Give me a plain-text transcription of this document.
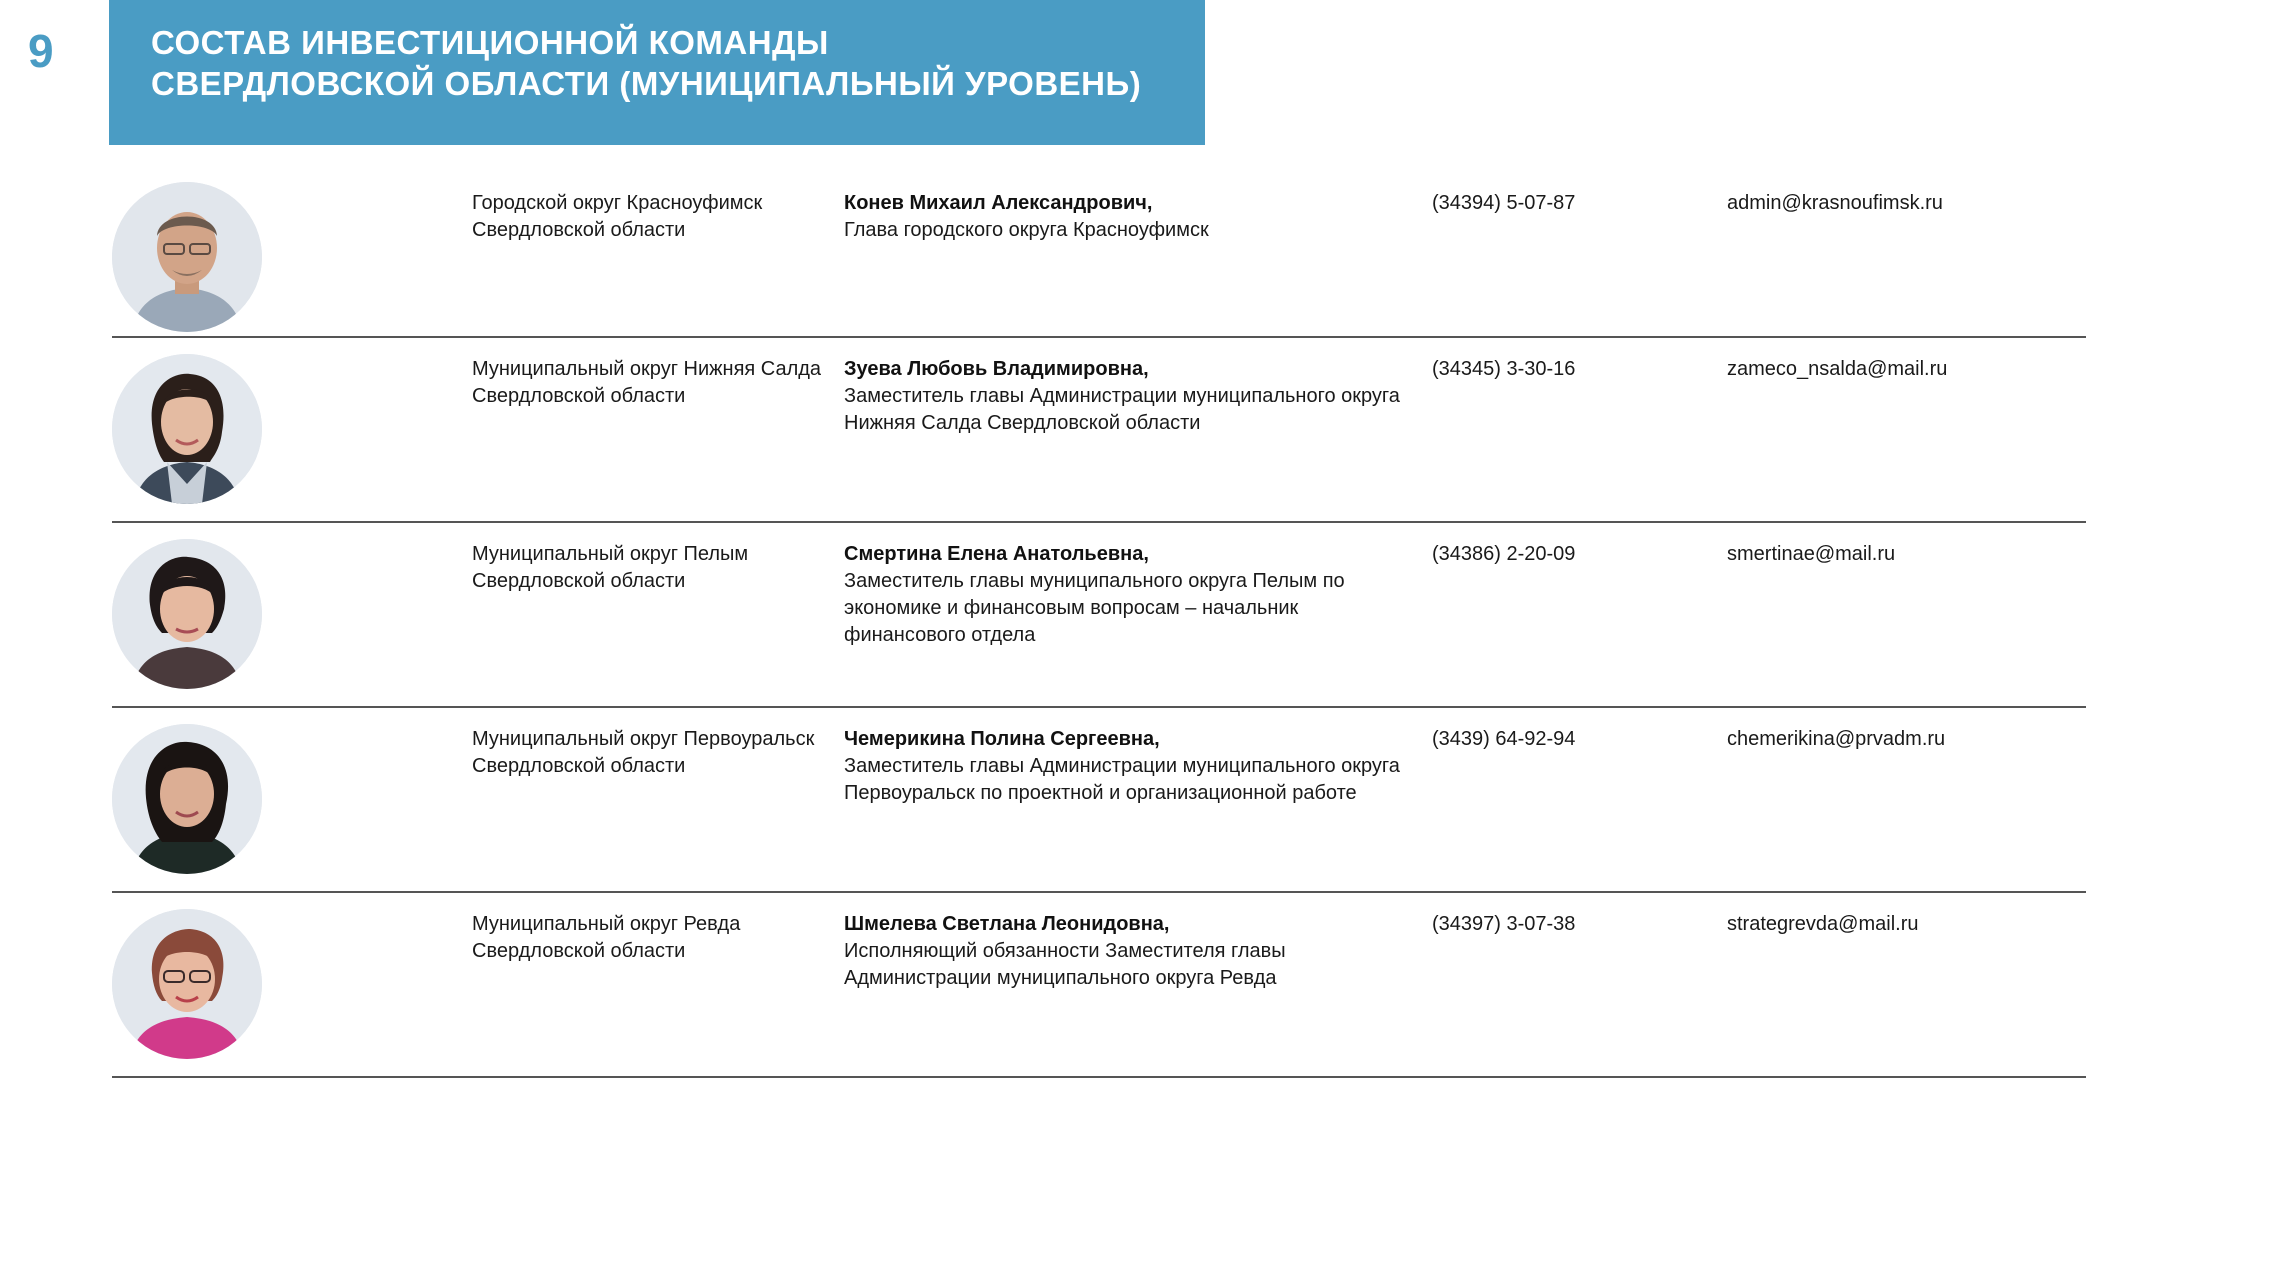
9	СОСТАВ ИНВЕСТИЦИОННОЙ КОМАНДЫ
СВЕРДЛОВСКОЙ ОБЛАСТИ (МУНИЦИПАЛЬНЫЙ УРОВЕНЬ)
Городской округ Красноуфимск Свердловской области
Конев Михаил Александрович,
Глава городского округа Красноуфимск
(34394) 5-07-87	admin@krasnoufimsk.ru
Муниципальный округ Нижняя Салда Свердловской области
Зуева Любовь Владимировна,
Заместитель главы Администрации муниципального округа Нижняя Салда Свердловской области
(34345) 3-30-16	zameco_nsalda@mail.ru
Муниципальный округ Пелым Свердловской области
Смертина Елена Анатольевна,
Заместитель главы муниципального округа Пелым по экономике и финансовым вопросам – начальник финансового отдела
(34386) 2-20-09	smertinae@mail.ru
Муниципальный округ Первоуральск Свердловской области
Чемерикина Полина Сергеевна,
Заместитель главы Администрации муниципального округа Первоуральск по проектной и организационной работе
(3439) 64-92-94	chemerikina@prvadm.ru
Муниципальный округ Ревда Свердловской области
Шмелева Светлана Леонидовна,
Исполняющий обязанности Заместителя главы Администрации муниципального округа Ревда
(34397) 3-07-38	strategrevda@mail.ru
